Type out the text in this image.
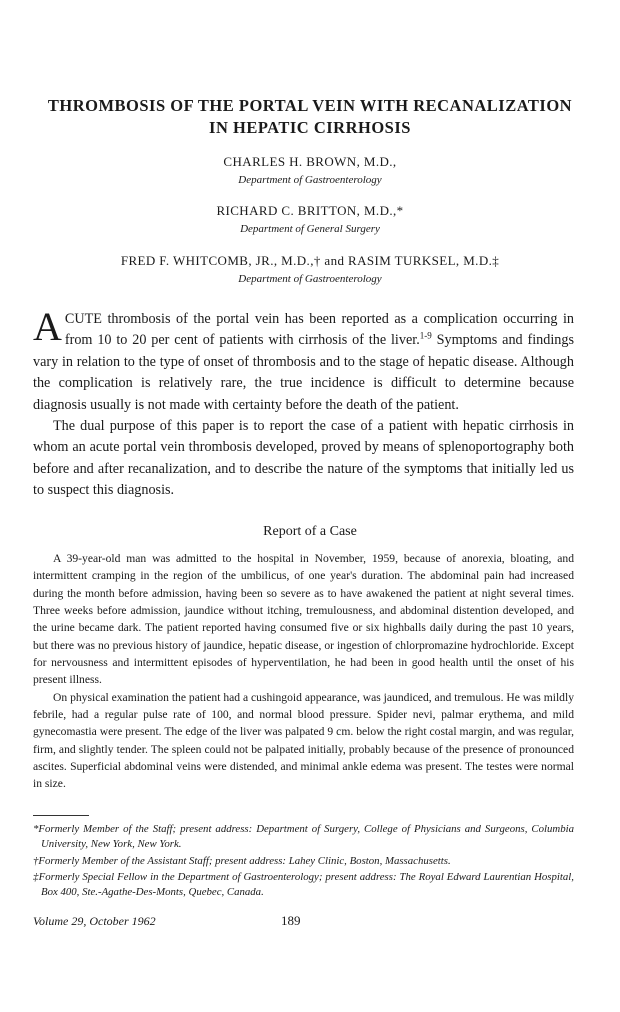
THROMBOSIS OF THE PORTAL VEIN WITH RECANALIZATION
IN HEPATIC CIRRHOSIS
CHARLES H. BROWN, M.D.,
Department of Gastroenterology
RICHARD C. BRITTON, M.D.,*
Department of General Surgery
FRED F. WHITCOMB, JR., M.D.,† and RASIM TURKSEL, M.D.‡
Department of Gastroenterology

ACUTE thrombosis of the portal vein has been reported as a complication occurring in from 10 to 20 per cent of patients with cirrhosis of the liver.$^{1-9}$ Symptoms and findings vary in relation to the type of onset of thrombosis and to the stage of hepatic disease. Although the complication is relatively rare, the true incidence is difficult to determine because diagnosis usually is not made with certainty before the death of the patient.

The dual purpose of this paper is to report the case of a patient with hepatic cirrhosis in whom an acute portal vein thrombosis developed, proved by means of splenoportography both before and after recanalization, and to describe the nature of the symptoms that initially led us to suspect this diagnosis.

Report of a Case

A 39-year-old man was admitted to the hospital in November, 1959, because of anorexia, bloating, and intermittent cramping in the region of the umbilicus, of one year's duration. The abdominal pain had increased during the month before admission, having been so severe as to have awakened the patient at night several times. Three weeks before admission, jaundice without itching, tremulousness, and abdominal distention developed, and the urine became dark. The patient reported having consumed five or six highballs daily during the past 10 years, but there was no previous history of jaundice, hepatic disease, or ingestion of chlorpromazine hydrochloride. Except for nervousness and intermittent episodes of hyperventilation, he had been in good health until the onset of his present illness.

On physical examination the patient had a cushingoid appearance, was jaundiced, and tremulous. He was mildly febrile, had a regular pulse rate of 100, and normal blood pressure. Spider nevi, palmar erythema, and mild gynecomastia were present. The edge of the liver was palpated 9 cm. below the right costal margin, and was regular, firm, and slightly tender. The spleen could not be palpated initially, probably because of the presence of pronounced ascites. Superficial abdominal veins were distended, and minimal ankle edema was present. The testes were normal in size.

*Formerly Member of the Staff; present address: Department of Surgery, College of Physicians and Surgeons, Columbia University, New York, New York.

†Formerly Member of the Assistant Staff; present address: Lahey Clinic, Boston, Massachusetts.

‡Formerly Special Fellow in the Department of Gastroenterology; present address: The Royal Edward Laurentian Hospital, Box 400, Ste.-Agathe-Des-Monts, Quebec, Canada.

Volume 29, October 1962	189
